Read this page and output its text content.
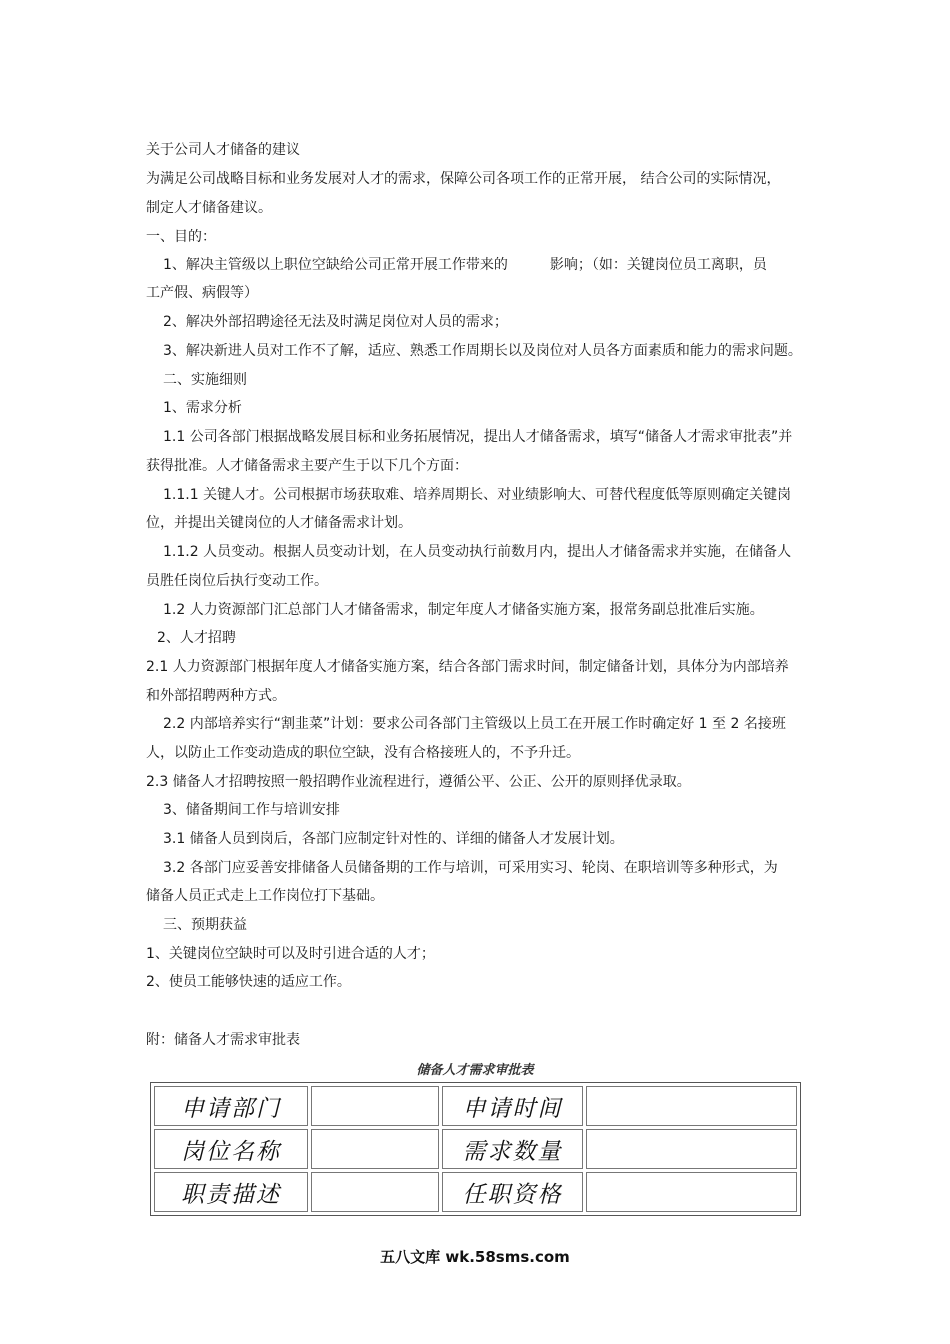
关于公司人才储备的建议
为满足公司战略目标和业务发展对人才的需求，保障公司各项工作的正常开展， 结合公司的实际情况，
制定人才储备建议。
一、目的：
1、解决主管级以上职位空缺给公司正常开展工作带来的　　　影响；（如：关键岗位员工离职，员
工产假、病假等）
2、解决外部招聘途径无法及时满足岗位对人员的需求；
3、解决新进人员对工作不了解，适应、熟悉工作周期长以及岗位对人员各方面素质和能力的需求问题。
二、实施细则
1、需求分析
1.1 公司各部门根据战略发展目标和业务拓展情况，提出人才储备需求，填写“储备人才需求审批表”并
获得批准。人才储备需求主要产生于以下几个方面：
1.1.1 关键人才。公司根据市场获取难、培养周期长、对业绩影响大、可替代程度低等原则确定关键岗
位，并提出关键岗位的人才储备需求计划。
1.1.2 人员变动。根据人员变动计划，在人员变动执行前数月内，提出人才储备需求并实施，在储备人
员胜任岗位后执行变动工作。
1.2 人力资源部门汇总部门人才储备需求，制定年度人才储备实施方案，报常务副总批准后实施。
2、人才招聘
2.1 人力资源部门根据年度人才储备实施方案，结合各部门需求时间，制定储备计划，具体分为内部培养
和外部招聘两种方式。
2.2 内部培养实行“割韭菜”计划：要求公司各部门主管级以上员工在开展工作时确定好 1 至 2 名接班
人，以防止工作变动造成的职位空缺，没有合格接班人的，不予升迁。
2.3 储备人才招聘按照一般招聘作业流程进行，遵循公平、公正、公开的原则择优录取。
3、储备期间工作与培训安排
3.1 储备人员到岗后，各部门应制定针对性的、详细的储备人才发展计划。
3.2 各部门应妥善安排储备人员储备期的工作与培训，可采用实习、轮岗、在职培训等多种形式，为
储备人员正式走上工作岗位打下基础。
三、预期获益
1、关键岗位空缺时可以及时引进合适的人才；
2、使员工能够快速的适应工作。
附：储备人才需求审批表
储备人才需求审批表
申请部门		申请时间	
岗位名称		需求数量	
职责描述		任职资格	
五八文库 wk.58sms.com
